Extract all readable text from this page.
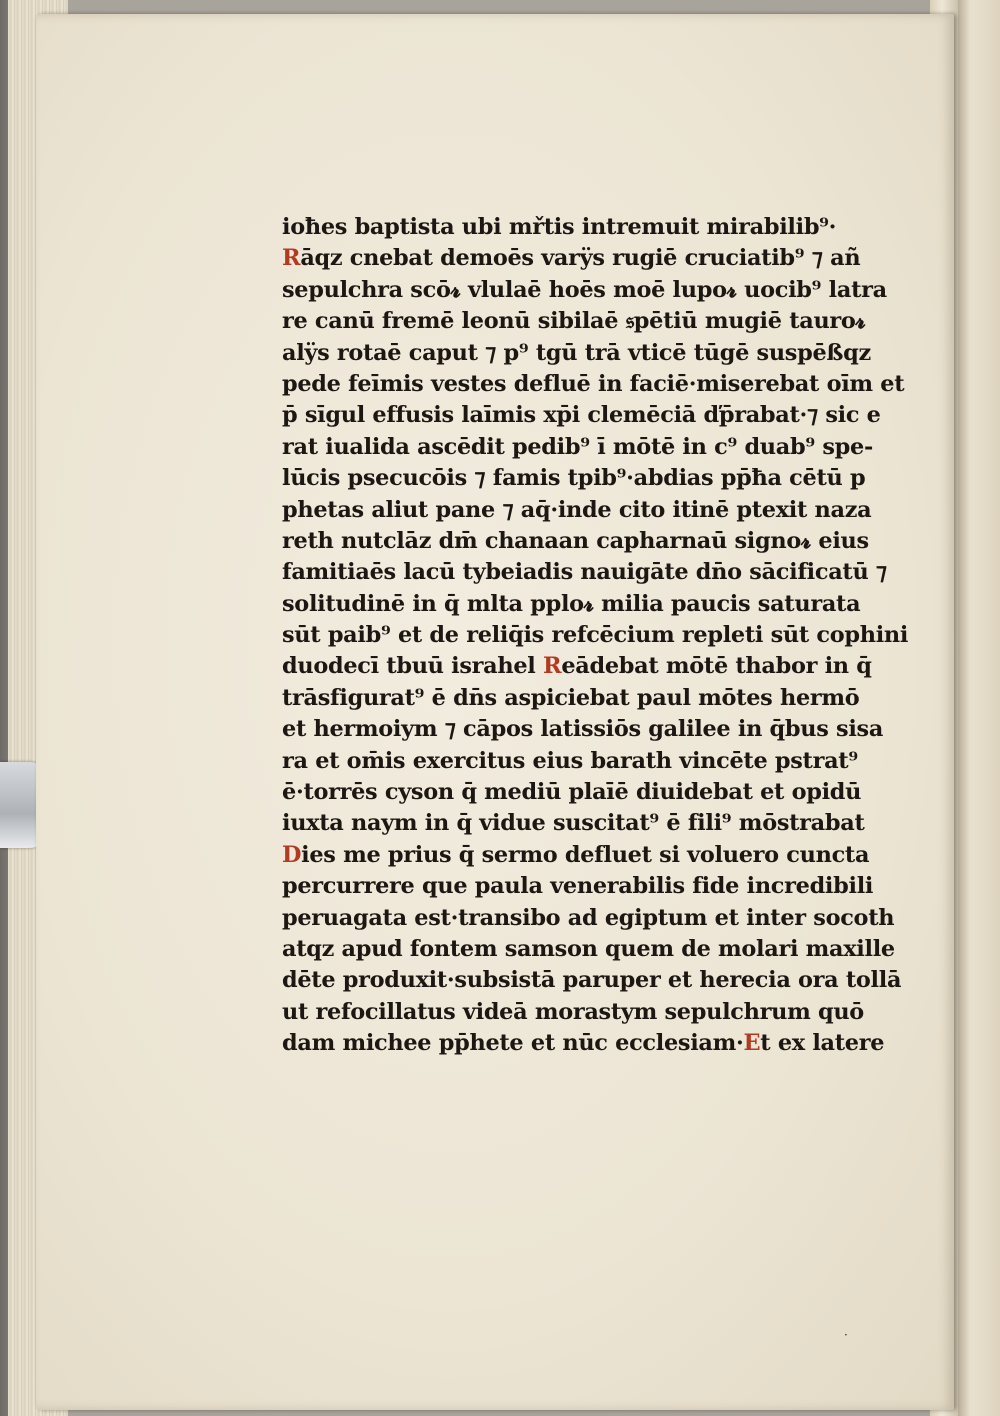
ioħes baptista ubi mřtis intremuit mirabilib⁹·
Rāqz cnebat demoēs varÿs rugiē cruciatib⁹ ⁊ añ
sepulchra scō𝓻 vlulaē hoēs moē lupo𝓻 uocib⁹ latra
re canū fremē leonū sibilaē 𝔰pētiū mugiē tauro𝓻
alÿs rotaē caput ⁊ p⁹ tgū trā vticē tūgē suspēßqz
pede feīmis vestes defluē in faciē·miserebat oīm et
p̄ sīgul effusis laīmis xp̄i clemēciā ďp̄rabat·⁊ sic e
rat iualida ascēdit pedib⁹ ī mōtē in c⁹ duab⁹ spe-
lūcis psecucōis ⁊ famis tpib⁹·abdias pp̄ħa cētū p
phetas aliut pane ⁊ aq̄·inde cito itinē ptexit naza
reth nutclāz dm̄ chanaan capharnaū signo𝓻 eius
famitiaēs lacū tybeiadis nauigāte dn̄o sācificatū ⁊
solitudinē in q̄ mlta pplo𝓻 milia paucis saturata
sūt paib⁹ et de reliq̄is refcēcium repleti sūt cophini
duodecī tbuū israhel Reādebat mōtē thabor in q̄
trāsfigurat⁹ ē dn̄s aspiciebat paul mōtes hermō
et hermoiym ⁊ cāpos latissiōs galilee in q̄bus sisa
ra et om̄is exercitus eius barath vincēte pstrat⁹
ē·torrēs cyson q̄ mediū plaīē diuidebat et opidū
iuxta naym in q̄ vidue suscitat⁹ ē fili⁹ mōstrabat
Dies me prius q̄ sermo defluet si voluero cuncta
percurrere que paula venerabilis fide incredibili
peruagata est·transibo ad egiptum et inter socoth
atqz apud fontem samson quem de molari maxille
dēte produxit·subsistā paruper et herecia ora tollā
ut refocillatus videā morastym sepulchrum quō
dam michee pp̄hete et nūc ecclesiam·Et ex latere
·
